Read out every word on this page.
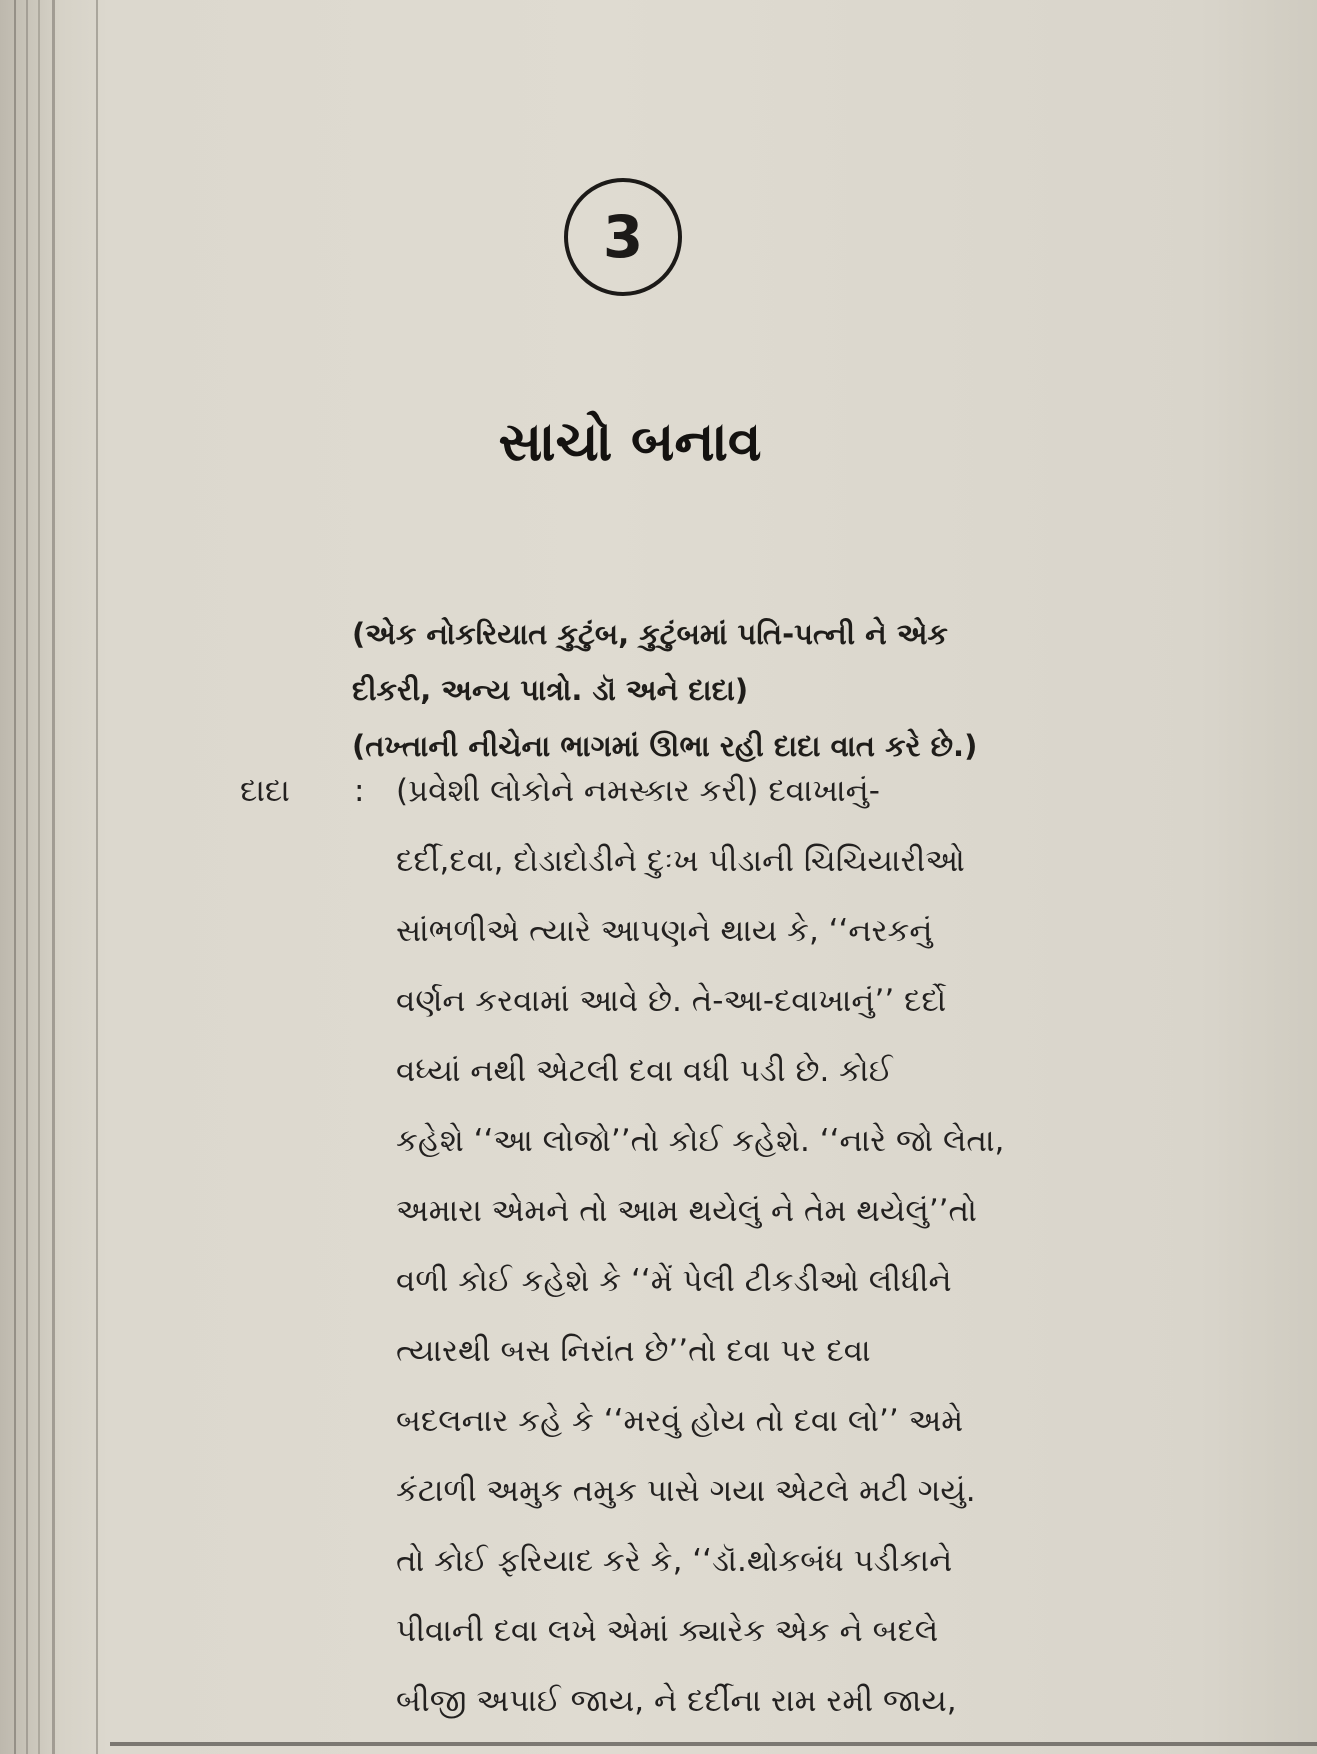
3
સાચો બનાવ
(એક નોકરિયાત કુટુંબ, કુટુંબમાં પતિ-પત્ની ને એક
દીકરી, અન્ય પાત્રો. ડૉ અને દાદા)
(તખ્તાની નીચેના ભાગમાં ઊભા રહી દાદા વાત કરે છે.)
દાદા : (પ્રવેશી લોકોને નમસ્કાર કરી) દવાખાનું-
દર્દી,દવા, દોડાદોડીને દુઃખ પીડાની ચિચિયારીઓ
સાંભળીએ ત્યારે આપણને થાય કે, ‘‘નરકનું
વર્ણન કરવામાં આવે છે. તે-આ-દવાખાનું’’ દર્દો
વધ્યાં નથી એટલી દવા વધી પડી છે. કોઈ
કહેશે ‘‘આ લોજો’’તો કોઈ કહેશે. ‘‘નારે જો લેતા,
અમારા એમને તો આમ થયેલું ને તેમ થયેલું’’તો
વળી કોઈ કહેશે કે ‘‘મેં પેલી ટીકડીઓ લીધીને
ત્યારથી બસ નિરાંત છે’’તો દવા પર દવા
બદલનાર કહે કે ‘‘મરવું હોય તો દવા લો’’ અમે
કંટાળી અમુક તમુક પાસે ગયા એટલે મટી ગયું.
તો કોઈ ફરિયાદ કરે કે, ‘‘ડૉ.થોકબંધ પડીકાને
પીવાની દવા લખે એમાં ક્યારેક એક ને બદલે
બીજી અપાઈ જાય, ને દર્દીના રામ રમી જાય,
